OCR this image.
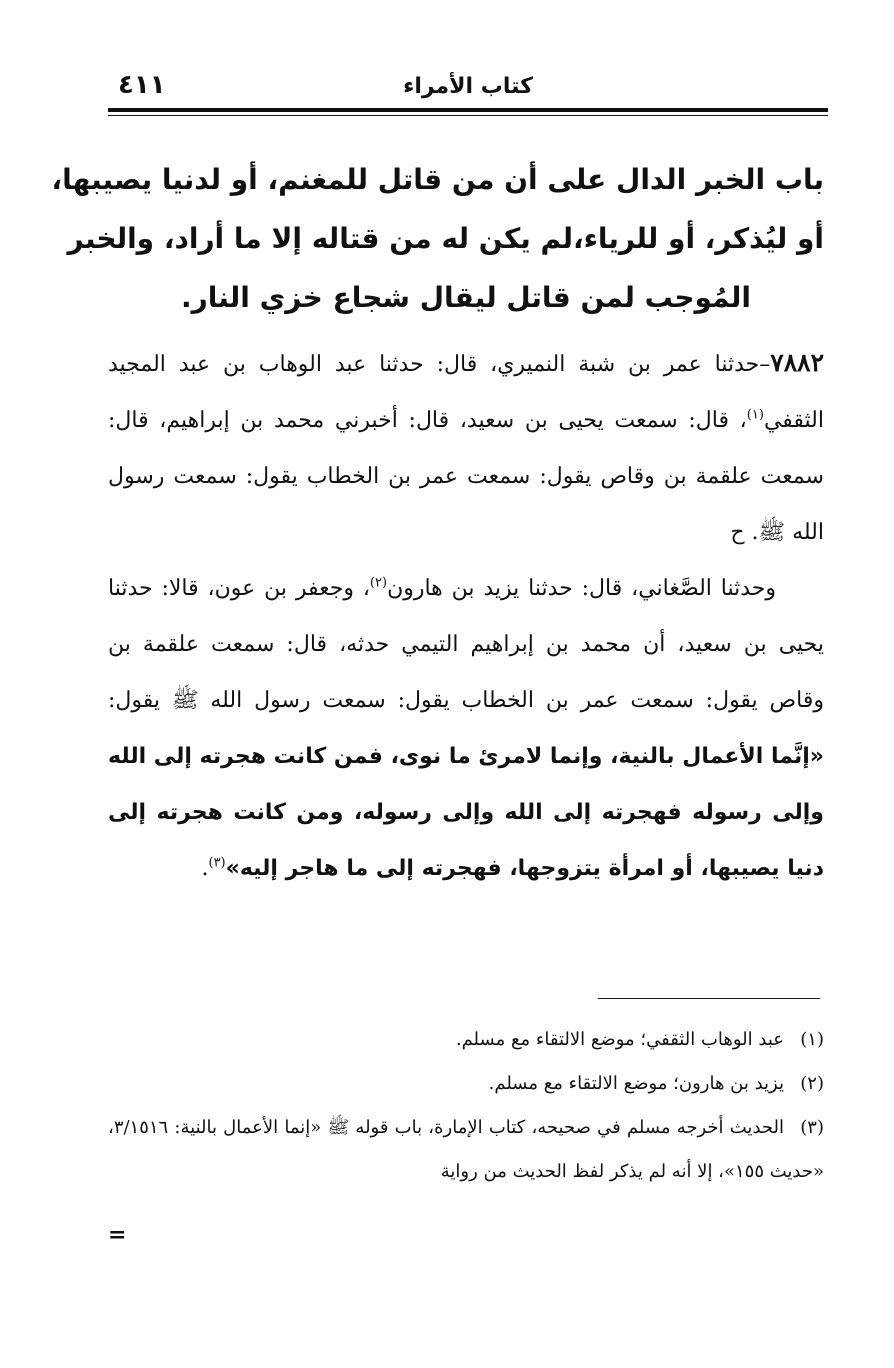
٤١١	كتاب الأمراء
باب الخبر الدال على أن من قاتل للمغنم، أو لدنيا يصيبها،
أو ليُذكر، أو للرياء،لم يكن له من قتاله إلا ما أراد، والخبر
المُوجب لمن قاتل ليقال شجاع خزي النار.

٧٨٨٢–حدثنا عمر بن شبة النميري، قال: حدثنا عبد الوهاب بن عبد المجيد الثقفي$^{(١)}$، قال: سمعت يحيى بن سعيد، قال: أخبرني محمد بن إبراهيم، قال: سمعت علقمة بن وقاص يقول: سمعت عمر بن الخطاب يقول: سمعت رسول الله ﷺ. ح

وحدثنا الصَّغاني، قال: حدثنا يزيد بن هارون$^{(٢)}$، وجعفر بن عون، قالا: حدثنا يحيى بن سعيد، أن محمد بن إبراهيم التيمي حدثه، قال: سمعت علقمة بن وقاص يقول: سمعت عمر بن الخطاب يقول: سمعت رسول الله ﷺ يقول: «إنَّما الأعمال بالنية، وإنما لامرئ ما نوى، فمن كانت هجرته إلى الله وإلى رسوله فهجرته إلى الله وإلى رسوله، ومن كانت هجرته إلى دنيا يصيبها، أو امرأة يتزوجها، فهجرته إلى ما هاجر إليه»$^{(٣)}$.

(١)عبد الوهاب الثقفي؛ موضع الالتقاء مع مسلم.

(٢)يزيد بن هارون؛ موضع الالتقاء مع مسلم.

(٣)الحديث أخرجه مسلم في صحيحه، كتاب الإمارة، باب قوله ﷺ «إنما الأعمال بالنية: ٣/١٥١٦، «حديث ١٥٥»، إلا أنه لم يذكر لفظ الحديث من رواية

=
